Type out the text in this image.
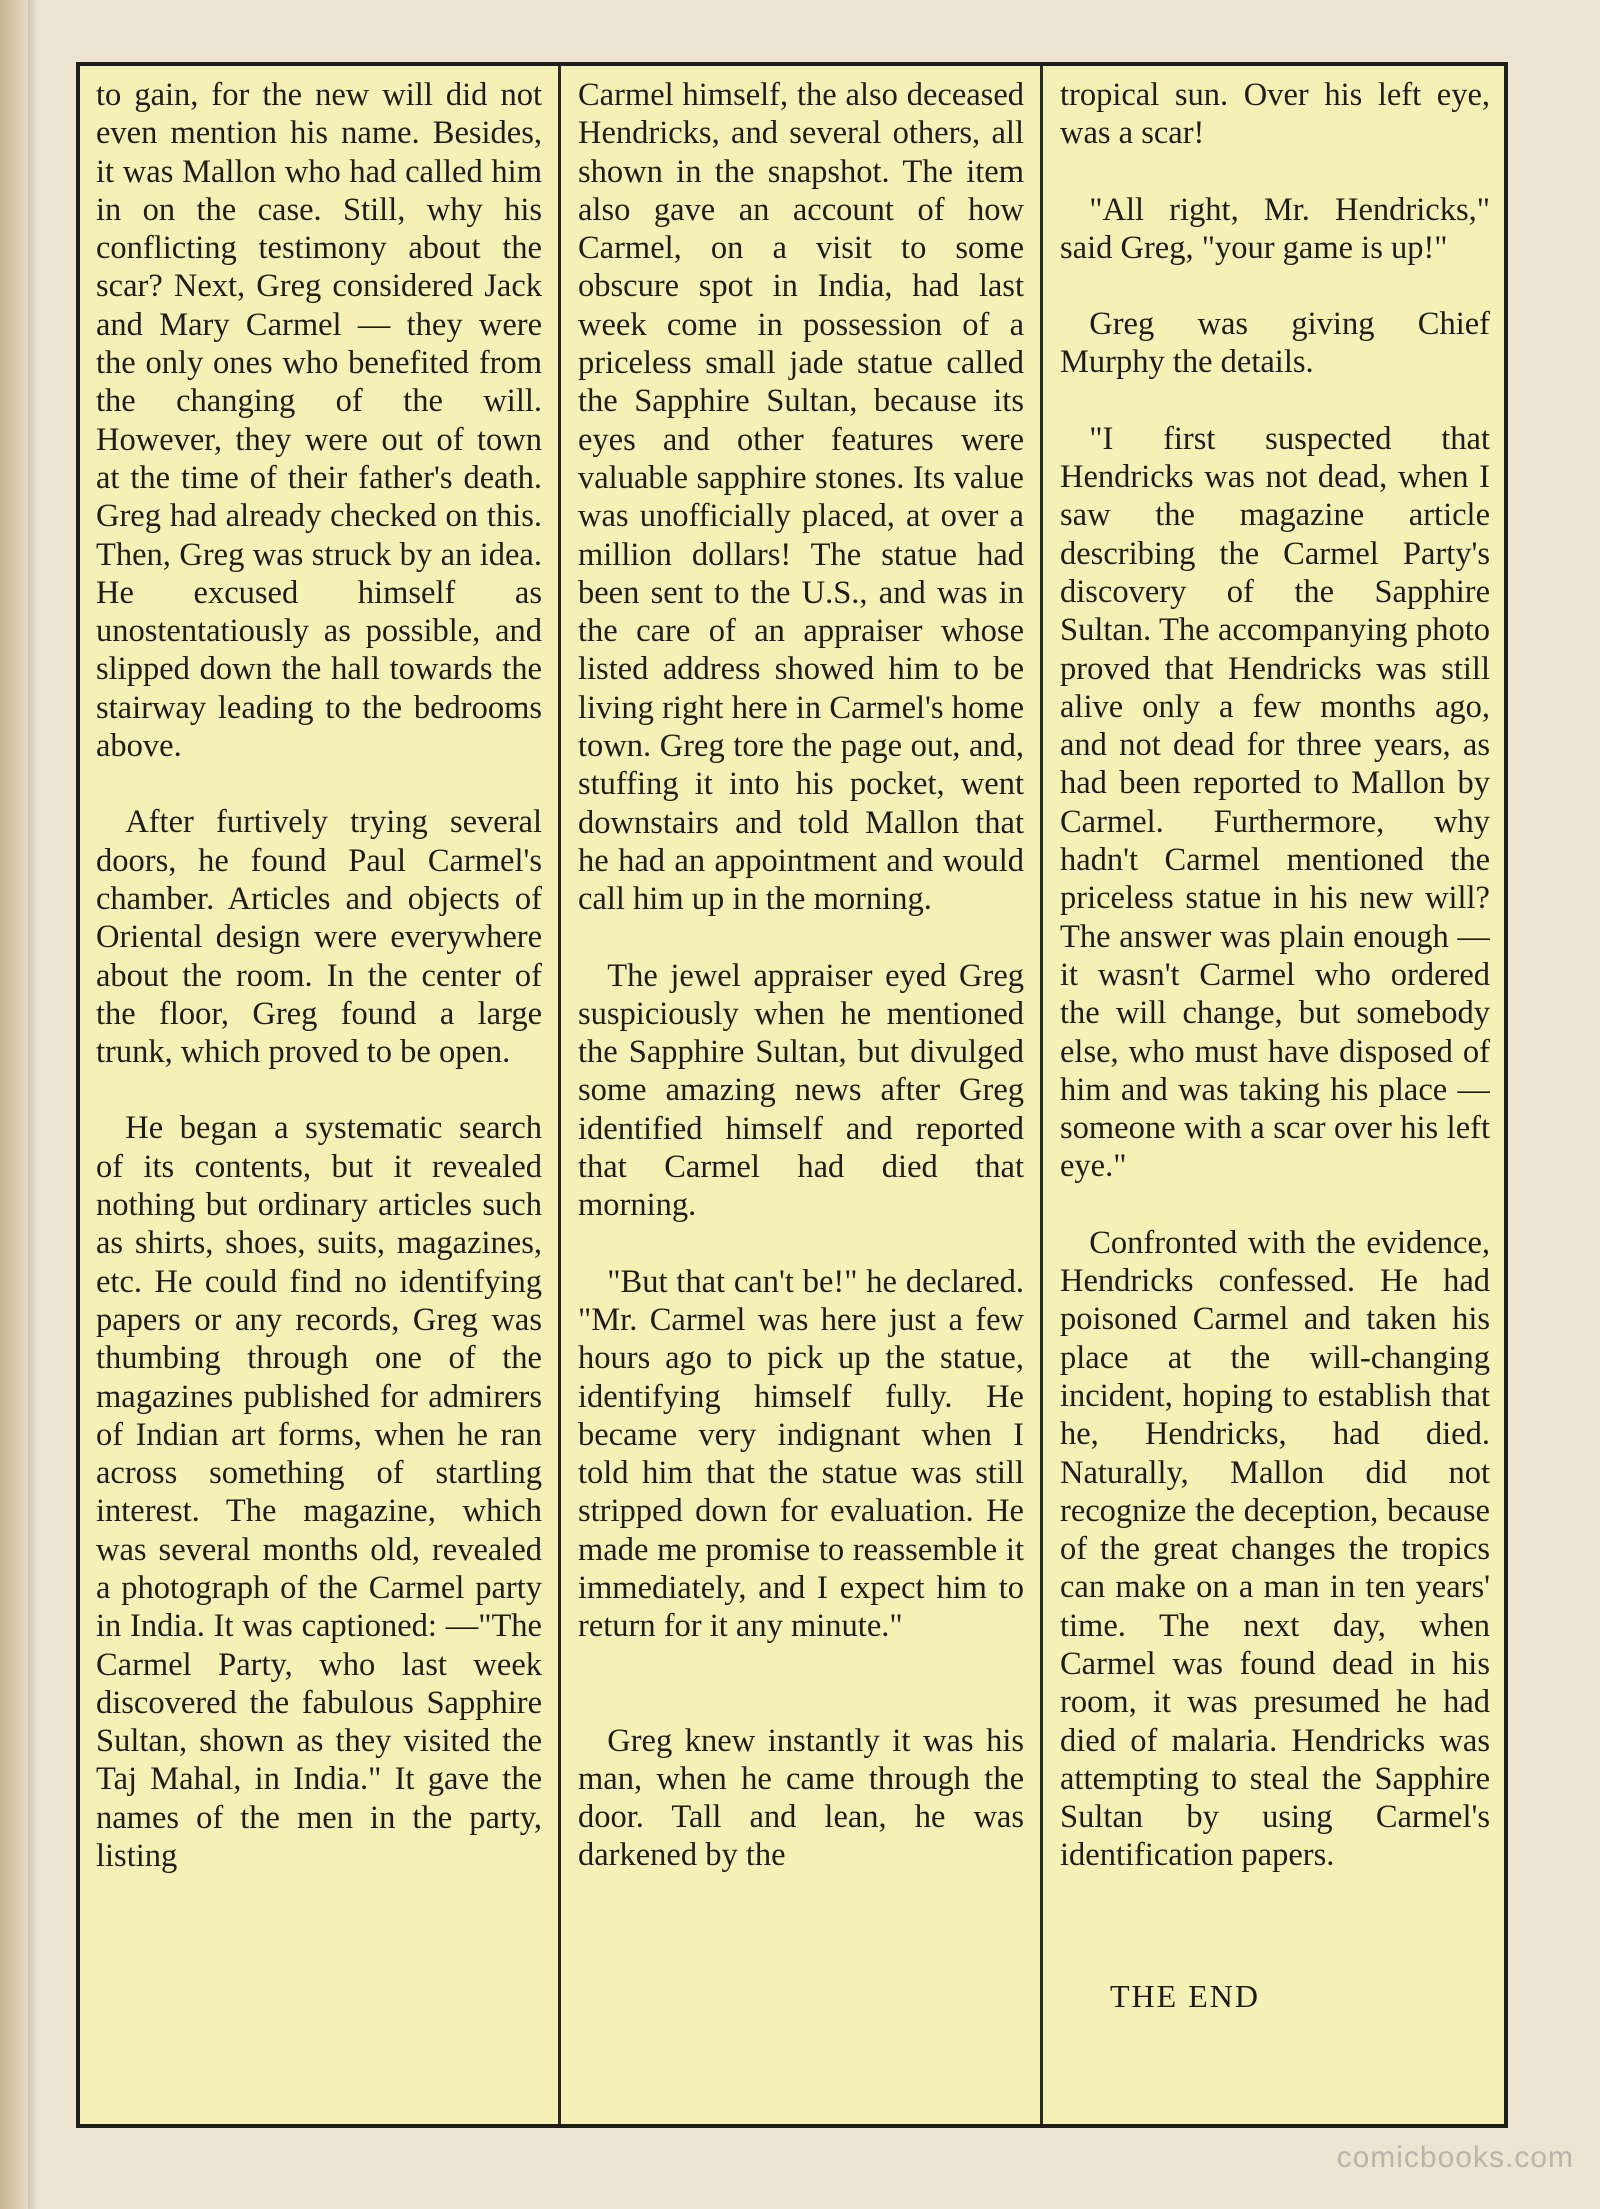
to gain, for the new will did not even mention his name. Besides, it was Mallon who had called him in on the case. Still, why his conflicting testimony about the scar? Next, Greg considered Jack and Mary Carmel — they were the only ones who benefited from the changing of the will. However, they were out of town at the time of their father's death. Greg had already checked on this. Then, Greg was struck by an idea. He excused himself as unostentatiously as possible, and slipped down the hall towards the stairway leading to the bedrooms above.

After furtively trying several doors, he found Paul Carmel's chamber. Articles and objects of Oriental design were everywhere about the room. In the center of the floor, Greg found a large trunk, which proved to be open.

He began a systematic search of its contents, but it revealed nothing but ordinary articles such as shirts, shoes, suits, magazines, etc. He could find no identifying papers or any records, Greg was thumbing through one of the magazines published for admirers of Indian art forms, when he ran across something of startling interest. The magazine, which was several months old, revealed a photograph of the Carmel party in India. It was captioned: —"The Carmel Party, who last week discovered the fabulous Sapphire Sultan, shown as they visited the Taj Mahal, in India." It gave the names of the men in the party, listing

Carmel himself, the also deceased Hendricks, and several others, all shown in the snapshot. The item also gave an account of how Carmel, on a visit to some obscure spot in India, had last week come in possession of a priceless small jade statue called the Sapphire Sultan, because its eyes and other features were valuable sapphire stones. Its value was unofficially placed, at over a million dollars! The statue had been sent to the U.S., and was in the care of an appraiser whose listed address showed him to be living right here in Carmel's home town. Greg tore the page out, and, stuffing it into his pocket, went downstairs and told Mallon that he had an appointment and would call him up in the morning.

The jewel appraiser eyed Greg suspiciously when he mentioned the Sapphire Sultan, but divulged some amazing news after Greg identified himself and reported that Carmel had died that morning.

"But that can't be!" he declared. "Mr. Carmel was here just a few hours ago to pick up the statue, identifying himself fully. He became very indignant when I told him that the statue was still stripped down for evaluation. He made me promise to reassemble it immediately, and I expect him to return for it any minute."

Greg knew instantly it was his man, when he came through the door. Tall and lean, he was darkened by the

tropical sun. Over his left eye, was a scar!

"All right, Mr. Hendricks," said Greg, "your game is up!"

Greg was giving Chief Murphy the details.

"I first suspected that Hendricks was not dead, when I saw the magazine article describing the Carmel Party's discovery of the Sapphire Sultan. The accompanying photo proved that Hendricks was still alive only a few months ago, and not dead for three years, as had been reported to Mallon by Carmel. Furthermore, why hadn't Carmel mentioned the priceless statue in his new will? The answer was plain enough —it wasn't Carmel who ordered the will change, but somebody else, who must have disposed of him and was taking his place —someone with a scar over his left eye."

Confronted with the evidence, Hendricks confessed. He had poisoned Carmel and taken his place at the will-changing incident, hoping to establish that he, Hendricks, had died. Naturally, Mallon did not recognize the deception, because of the great changes the tropics can make on a man in ten years' time. The next day, when Carmel was found dead in his room, it was presumed he had died of malaria. Hendricks was attempting to steal the Sapphire Sultan by using Carmel's identification papers.

THE END
comicbooks.com
